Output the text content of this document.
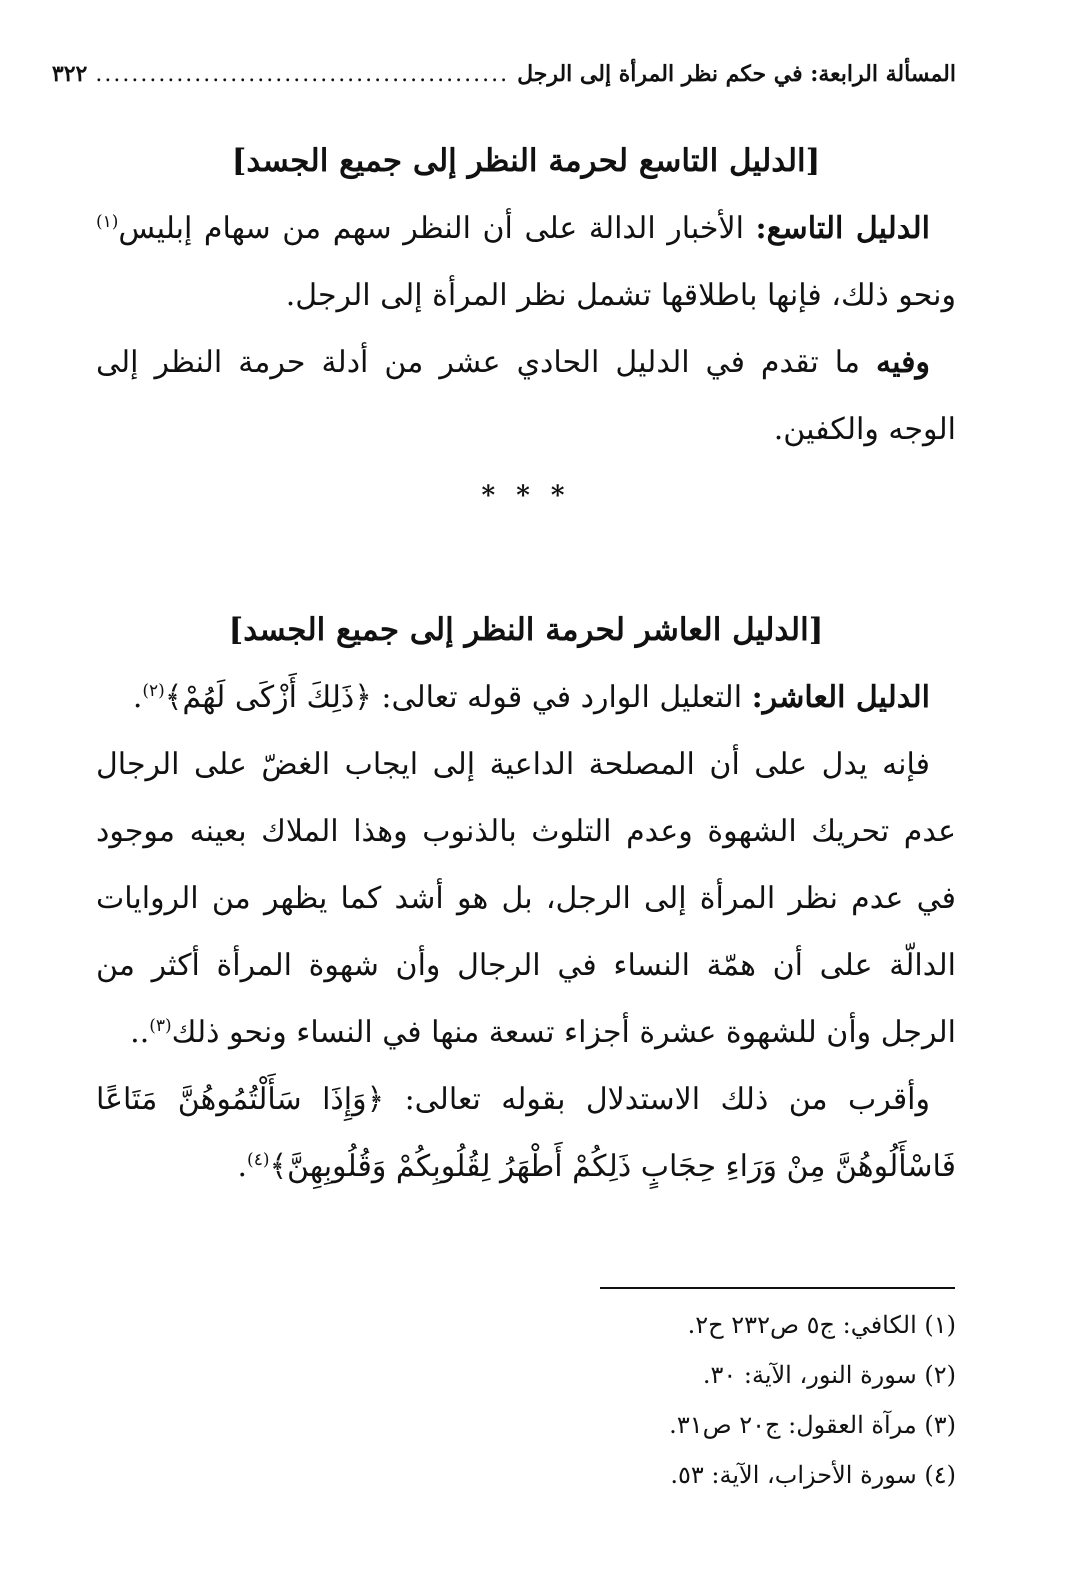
المسألة الرابعة: في حكم نظر المرأة إلى الرجل
..............................................
٣٢٢
[الدليل التاسع لحرمة النظر إلى جميع الجسد]

الدليل التاسع: الأخبار الدالة على أن النظر سهم من سهام إبليس$^{(١)}$ ونحو ذلك، فإنها باطلاقها تشمل نظر المرأة إلى الرجل.

وفيه ما تقدم في الدليل الحادي عشر من أدلة حرمة النظر إلى الوجه والكفين.

* * *

[الدليل العاشر لحرمة النظر إلى جميع الجسد]

الدليل العاشر: التعليل الوارد في قوله تعالى: ﴿ذَلِكَ أَزْكَى لَهُمْ﴾$^{(٢)}$.

فإنه يدل على أن المصلحة الداعية إلى ايجاب الغضّ على الرجال عدم تحريك الشهوة وعدم التلوث بالذنوب وهذا الملاك بعينه موجود في عدم نظر المرأة إلى الرجل، بل هو أشد كما يظهر من الروايات الدالّة على أن همّة النساء في الرجال وأن شهوة المرأة أكثر من الرجل وأن للشهوة عشرة أجزاء تسعة منها في النساء ونحو ذلك$^{(٣)}$..

وأقرب من ذلك الاستدلال بقوله تعالى: ﴿وَإِذَا سَأَلْتُمُوهُنَّ مَتَاعًا فَاسْأَلُوهُنَّ مِنْ وَرَاءِ حِجَابٍ ذَلِكُمْ أَطْهَرُ لِقُلُوبِكُمْ وَقُلُوبِهِنَّ﴾$^{(٤)}$.

(١) الكافي: ج٥ ص٢٣٢ ح٢.

(٢) سورة النور، الآية: ٣٠.

(٣) مرآة العقول: ج٢٠ ص٣١.

(٤) سورة الأحزاب، الآية: ٥٣.
